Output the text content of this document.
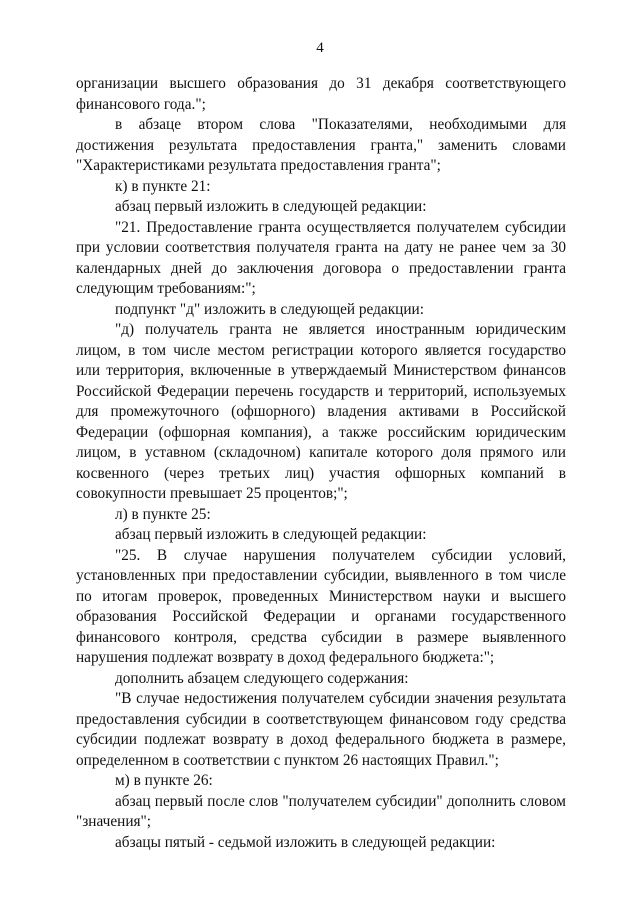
4

организации высшего образования до 31 декабря соответствующего финансового года.";

в абзаце втором слова "Показателями, необходимыми для достижения результата предоставления гранта," заменить словами "Характеристиками результата предоставления гранта";

к) в пункте 21:

абзац первый изложить в следующей редакции:

"21. Предоставление гранта осуществляется получателем субсидии при условии соответствия получателя гранта на дату не ранее чем за 30 календарных дней до заключения договора о предоставлении гранта следующим требованиям:";

подпункт "д" изложить в следующей редакции:

"д) получатель гранта не является иностранным юридическим лицом, в том числе местом регистрации которого является государство или территория, включенные в утверждаемый Министерством финансов Российской Федерации перечень государств и территорий, используемых для промежуточного (офшорного) владения активами в Российской Федерации (офшорная компания), а также российским юридическим лицом, в уставном (складочном) капитале которого доля прямого или косвенного (через третьих лиц) участия офшорных компаний в совокупности превышает 25 процентов;";

л) в пункте 25:

абзац первый изложить в следующей редакции:

"25. В случае нарушения получателем субсидии условий, установленных при предоставлении субсидии, выявленного в том числе по итогам проверок, проведенных Министерством науки и высшего образования Российской Федерации и органами государственного финансового контроля, средства субсидии в размере выявленного нарушения подлежат возврату в доход федерального бюджета:";

дополнить абзацем следующего содержания:

"В случае недостижения получателем субсидии значения результата предоставления субсидии в соответствующем финансовом году средства субсидии подлежат возврату в доход федерального бюджета в размере, определенном в соответствии с пунктом 26 настоящих Правил.";

м) в пункте 26:

абзац первый после слов "получателем субсидии" дополнить словом "значения";

абзацы пятый - седьмой изложить в следующей редакции:
